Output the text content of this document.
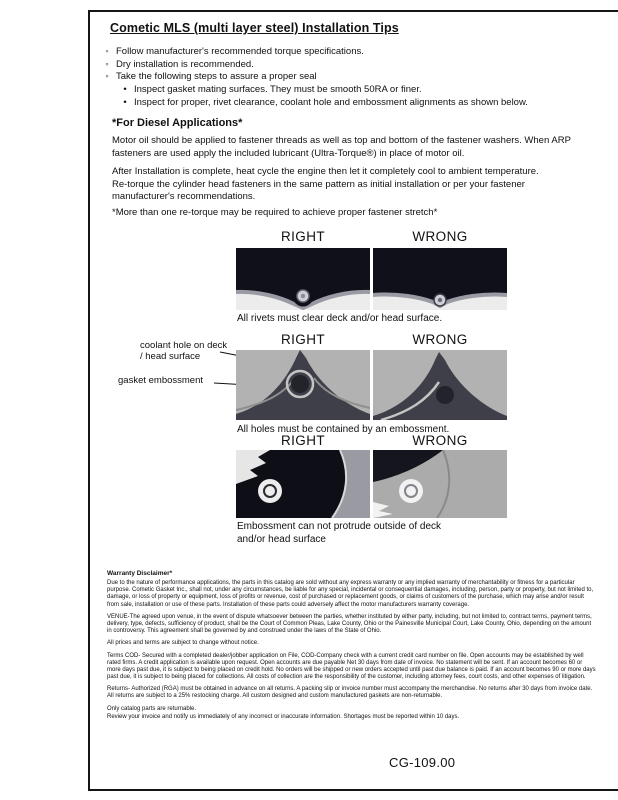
Cometic MLS (multi layer steel) Installation Tips
◦ Follow manufacturer's recommended torque specifications.
◦ Dry installation is recommended.
◦ Take the following steps to assure a proper seal
• Inspect gasket mating surfaces. They must be smooth 50RA or finer.
• Inspect for proper, rivet clearance, coolant hole and embossment alignments as shown below.
*For Diesel Applications*

Motor oil should be applied to fastener threads as well as top and bottom of the fastener washers. When ARP fasteners are used apply the included lubricant (Ultra-Torque®) in place of motor oil.

After Installation is complete, heat cycle the engine then let it completely cool to ambient temperature. Re-torque the cylinder head fasteners in the same pattern as initial installation or per your fastener manufacturer's recommendations.

*More than one re-torque may be required to achieve proper fastener stretch*

RIGHT	WRONG
All rivets must clear deck and/or head surface.
RIGHT	WRONG
coolant hole on deck / head surface
gasket embossment
All holes must be contained by an embossment.
RIGHT	WRONG
Embossment can not protrude outside of deck and/or head surface
Warranty Disclaimer*

Due to the nature of performance applications, the parts in this catalog are sold without any express warranty or any implied warranty of merchantability or fitness for a particular purpose. Cometic Gasket Inc., shall not, under any circumstances, be liable for any special, incidental or consequential damages, including, person, party or property, but not limited to, damage, or loss of property or equipment, loss of profits or revenue, cost of purchased or replacement goods, or claims of customers of the purchase, which may arise and/or result from sale, installation or use of these parts. Installation of these parts could adversely affect the motor manufacturers warranty coverage.

VENUE-The agreed upon venue, in the event of dispute whatsoever between the parties, whether instituted by either party, including, but not limited to, contract terms, payment terms, delivery, type, defects, sufficiency of product, shall be the Court of Common Pleas, Lake County, Ohio or the Painesville Municipal Court, Lake County, Ohio, depending on the amount in controversy. This agreement shall be governed by and construed under the laws of the State of Ohio.

All prices and terms are subject to change without notice.

Terms COD- Secured with a completed dealer/jobber application on File, COD-Company check with a current credit card number on file. Open accounts may be established by well rated firms. A credit application is available upon request. Open accounts are due payable Net 30 days from date of invoice. No statement will be sent. If an account becomes 60 or more days past due, it is subject to being placed on credit hold. No orders will be shipped or new orders accepted until past due balance is paid. If an account becomes 90 or more days past due, it is subject to being placed for collections. All costs of collection are the responsibility of the customer, including attorney fees, court costs, and other expenses of litigation.

Returns- Authorized (RGA) must be obtained in advance on all returns. A packing slip or invoice number must accompany the merchandise. No returns after 30 days from invoice date. All returns are subject to a 25% restocking charge. All custom designed and custom manufactured gaskets are non-returnable.

Only catalog parts are returnable.

Review your invoice and notify us immediately of any incorrect or inaccurate information. Shortages must be reported within 10 days.

CG-109.00
